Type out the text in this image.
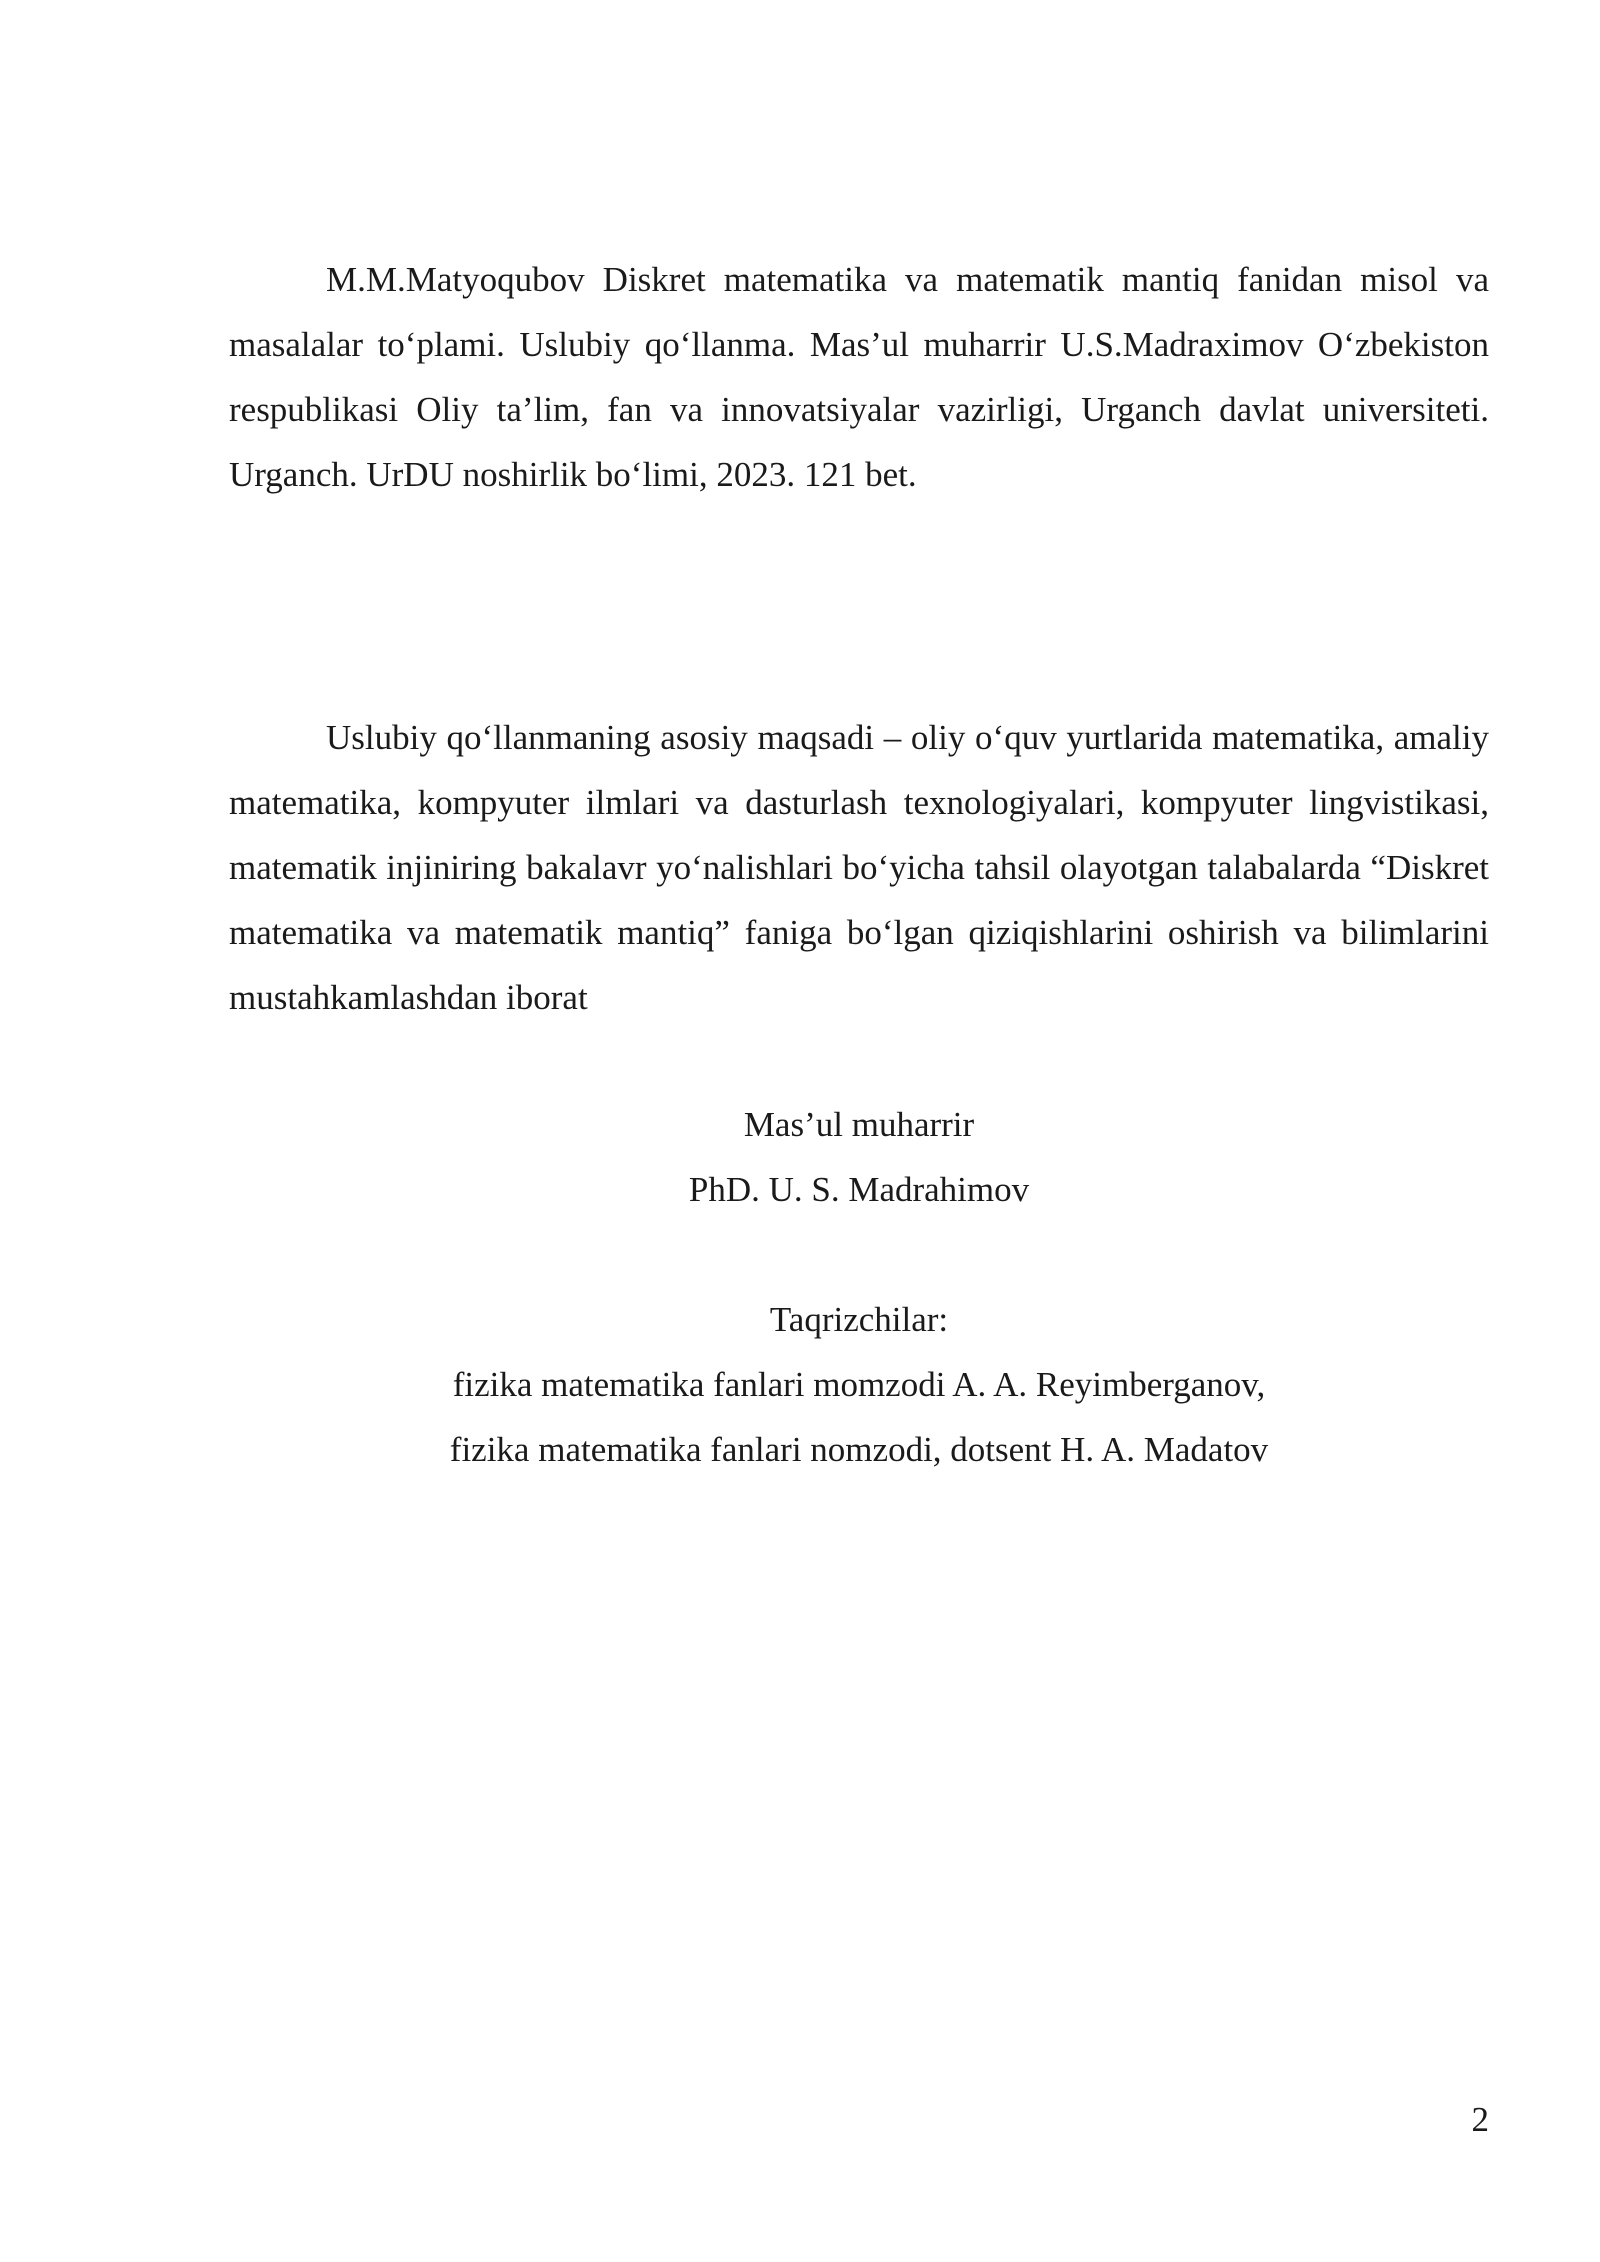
M.M.Matyoqubov Diskret matematika va matematik mantiq fanidan misol va masalalar to‘plami. Uslubiy qo‘llanma. Mas’ul muharrir U.S.Madraximov O‘zbekiston respublikasi Oliy ta’lim, fan va innovatsiyalar vazirligi, Urganch davlat universiteti. Urganch. UrDU noshirlik bo‘limi, 2023. 121 bet.

Uslubiy qo‘llanmaning asosiy maqsadi – oliy o‘quv yurtlarida matematika, amaliy matematika, kompyuter ilmlari va dasturlash texnologiyalari, kompyuter lingvistikasi, matematik injiniring bakalavr yo‘nalishlari bo‘yicha tahsil olayotgan talabalarda “Diskret matematika va matematik mantiq” faniga bo‘lgan qiziqishlarini oshirish va bilimlarini mustahkamlashdan iborat

Mas’ul muharrir
PhD. U. S. Madrahimov
Taqrizchilar:
fizika matematika fanlari momzodi A. A. Reyimberganov,
fizika matematika fanlari nomzodi, dotsent H. A. Madatov
2
